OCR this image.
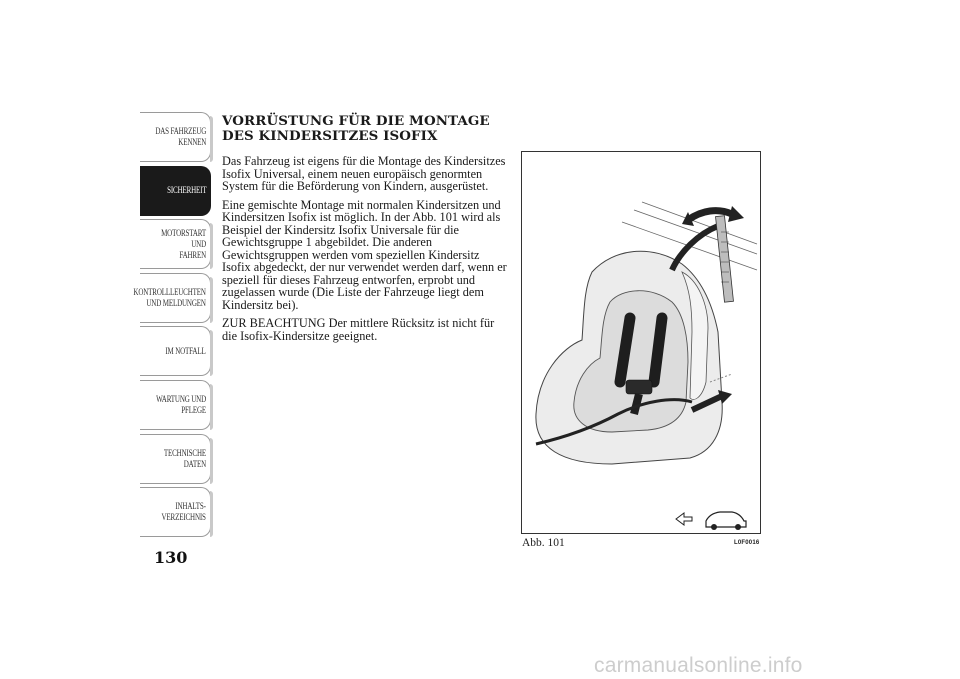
DAS FAHRZEUG
KENNEN
SICHERHEIT
MOTORSTART UND
FAHREN
KONTROLLLEUCHTEN
UND MELDUNGEN
IM NOTFALL
WARTUNG UND
PFLEGE
TECHNISCHE
DATEN
INHALTS-
VERZEICHNIS
130
VORRÜSTUNG FÜR DIE MONTAGE DES KINDERSITZES ISOFIX

Das Fahrzeug ist eigens für die Montage des Kindersitzes Isofix Universal, einem neuen europäisch genormten System für die Beförderung von Kindern, ausgerüstet.

Eine gemischte Montage mit normalen Kindersitzen und Kindersitzen Isofix ist möglich. In der Abb. 101 wird als Beispiel der Kindersitz Isofix Universale für die Gewichtsgruppe 1 abgebildet. Die anderen Gewichtsgruppen werden vom speziellen Kindersitz Isofix abgedeckt, der nur verwendet werden darf, wenn er speziell für dieses Fahrzeug entworfen, erprobt und zugelassen wurde (Die Liste der Fahrzeuge liegt dem Kindersitz bei).

ZUR BEACHTUNG Der mittlere Rücksitz ist nicht für die Isofix-Kindersitze geeignet.

Abb. 101	L0F0016
carmanualsonline.info
